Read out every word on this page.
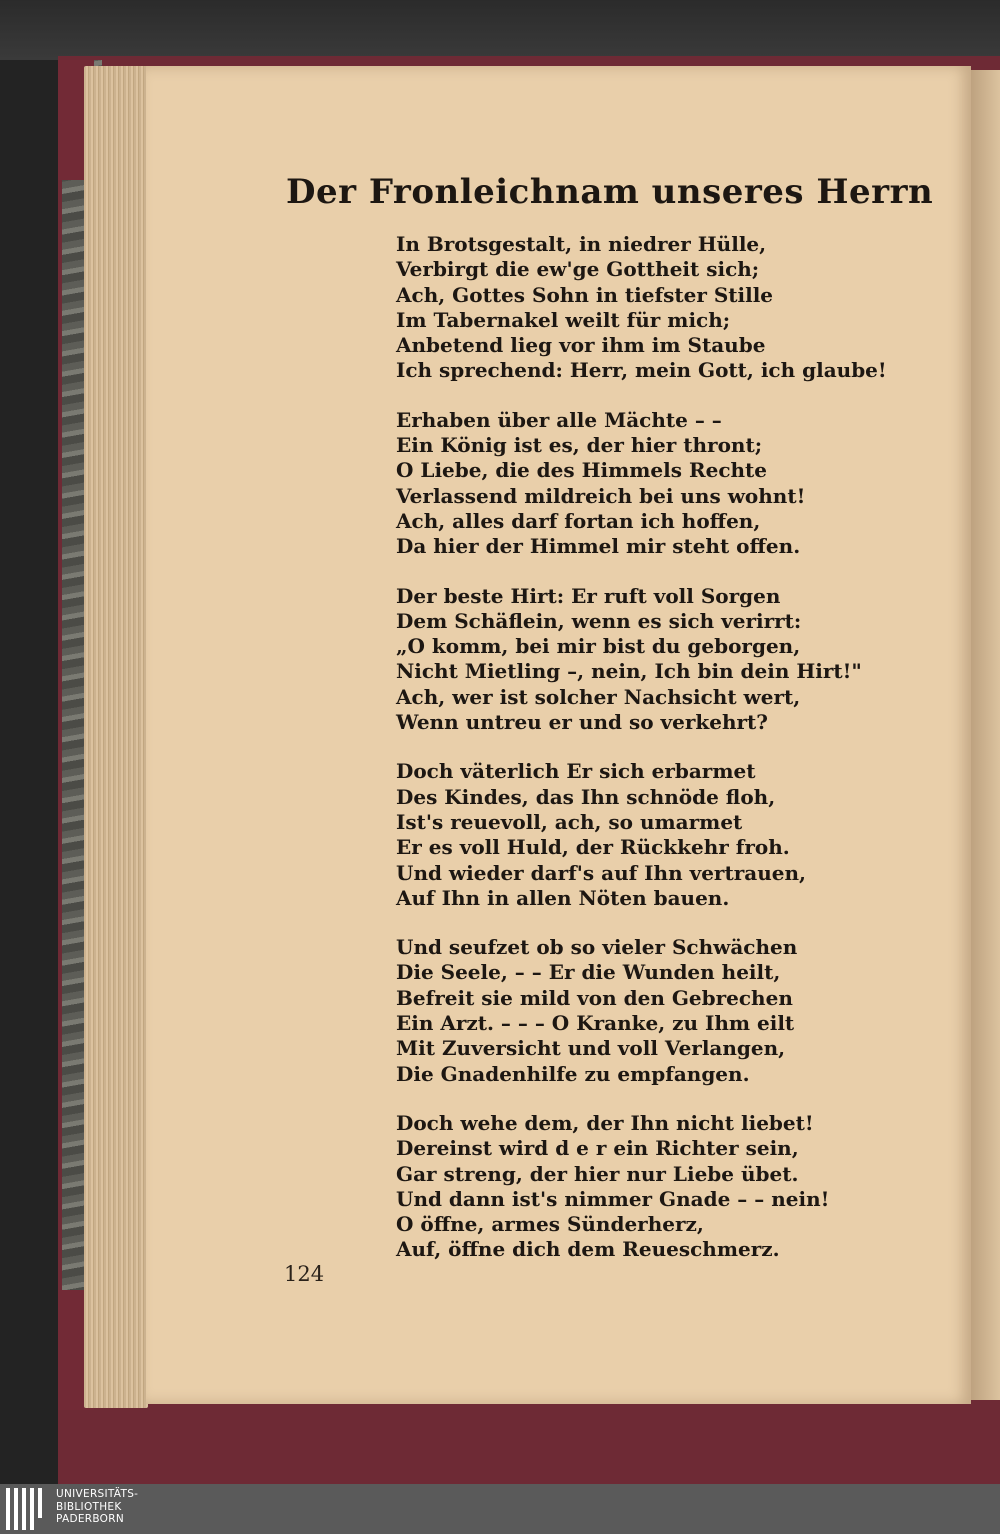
Der Fronleichnam unseres Herrn
In Brotsgestalt, in niedrer Hülle,
Verbirgt die ew'ge Gottheit sich;
Ach, Gottes Sohn in tiefster Stille
Im Tabernakel weilt für mich;
Anbetend lieg vor ihm im Staube
Ich sprechend: Herr, mein Gott, ich glaube!
Erhaben über alle Mächte – –
Ein König ist es, der hier thront;
O Liebe, die des Himmels Rechte
Verlassend mildreich bei uns wohnt!
Ach, alles darf fortan ich hoffen,
Da hier der Himmel mir steht offen.
Der beste Hirt: Er ruft voll Sorgen
Dem Schäflein, wenn es sich verirrt:
„O komm, bei mir bist du geborgen,
Nicht Mietling –, nein, Ich bin dein Hirt!"
Ach, wer ist solcher Nachsicht wert,
Wenn untreu er und so verkehrt?
Doch väterlich Er sich erbarmet
Des Kindes, das Ihn schnöde floh,
Ist's reuevoll, ach, so umarmet
Er es voll Huld, der Rückkehr froh.
Und wieder darf's auf Ihn vertrauen,
Auf Ihn in allen Nöten bauen.
Und seufzet ob so vieler Schwächen
Die Seele, – – Er die Wunden heilt,
Befreit sie mild von den Gebrechen
Ein Arzt. – – – O Kranke, zu Ihm eilt
Mit Zuversicht und voll Verlangen,
Die Gnadenhilfe zu empfangen.
Doch wehe dem, der Ihn nicht liebet!
Dereinst wird d e r ein Richter sein,
Gar streng, der hier nur Liebe übet.
Und dann ist's nimmer Gnade – – nein!
O öffne, armes Sünderherz,
Auf, öffne dich dem Reueschmerz.
124
UNIVERSITÄTS-
BIBLIOTHEK
PADERBORN
